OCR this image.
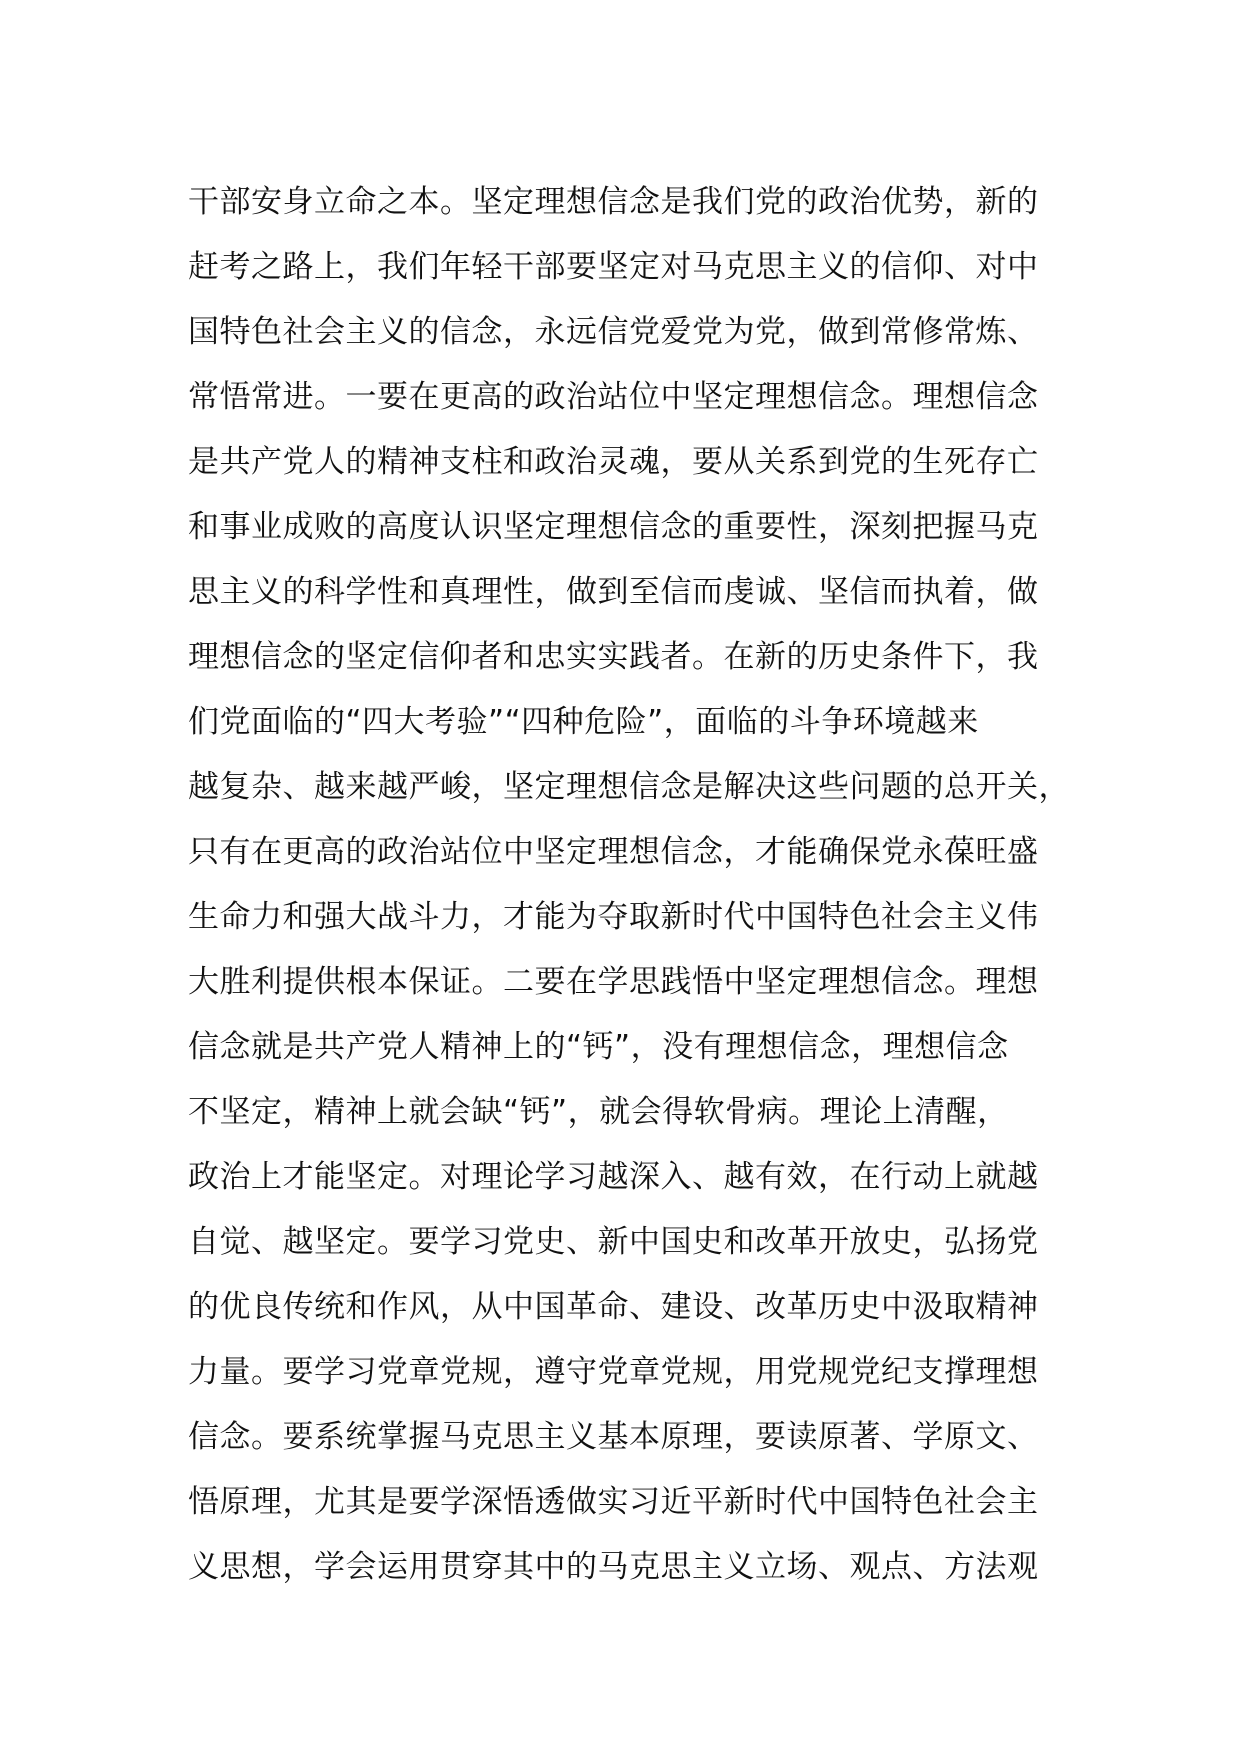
干部安身立命之本。坚定理想信念是我们党的政治优势，新的
赶考之路上，我们年轻干部要坚定对马克思主义的信仰、对中
国特色社会主义的信念，永远信党爱党为党，做到常修常炼、
常悟常进。一要在更高的政治站位中坚定理想信念。理想信念
是共产党人的精神支柱和政治灵魂，要从关系到党的生死存亡
和事业成败的高度认识坚定理想信念的重要性，深刻把握马克
思主义的科学性和真理性，做到至信而虔诚、坚信而执着，做
理想信念的坚定信仰者和忠实实践者。在新的历史条件下，我
们党面临的“四大考验”“四种危险”，面临的斗争环境越来
越复杂、越来越严峻，坚定理想信念是解决这些问题的总开关，
只有在更高的政治站位中坚定理想信念，才能确保党永葆旺盛
生命力和强大战斗力，才能为夺取新时代中国特色社会主义伟
大胜利提供根本保证。二要在学思践悟中坚定理想信念。理想
信念就是共产党人精神上的“钙”，没有理想信念，理想信念
不坚定，精神上就会缺“钙”，就会得软骨病。理论上清醒，
政治上才能坚定。对理论学习越深入、越有效，在行动上就越
自觉、越坚定。要学习党史、新中国史和改革开放史，弘扬党
的优良传统和作风，从中国革命、建设、改革历史中汲取精神
力量。要学习党章党规，遵守党章党规，用党规党纪支撑理想
信念。要系统掌握马克思主义基本原理，要读原著、学原文、
悟原理，尤其是要学深悟透做实习近平新时代中国特色社会主
义思想，学会运用贯穿其中的马克思主义立场、观点、方法观
